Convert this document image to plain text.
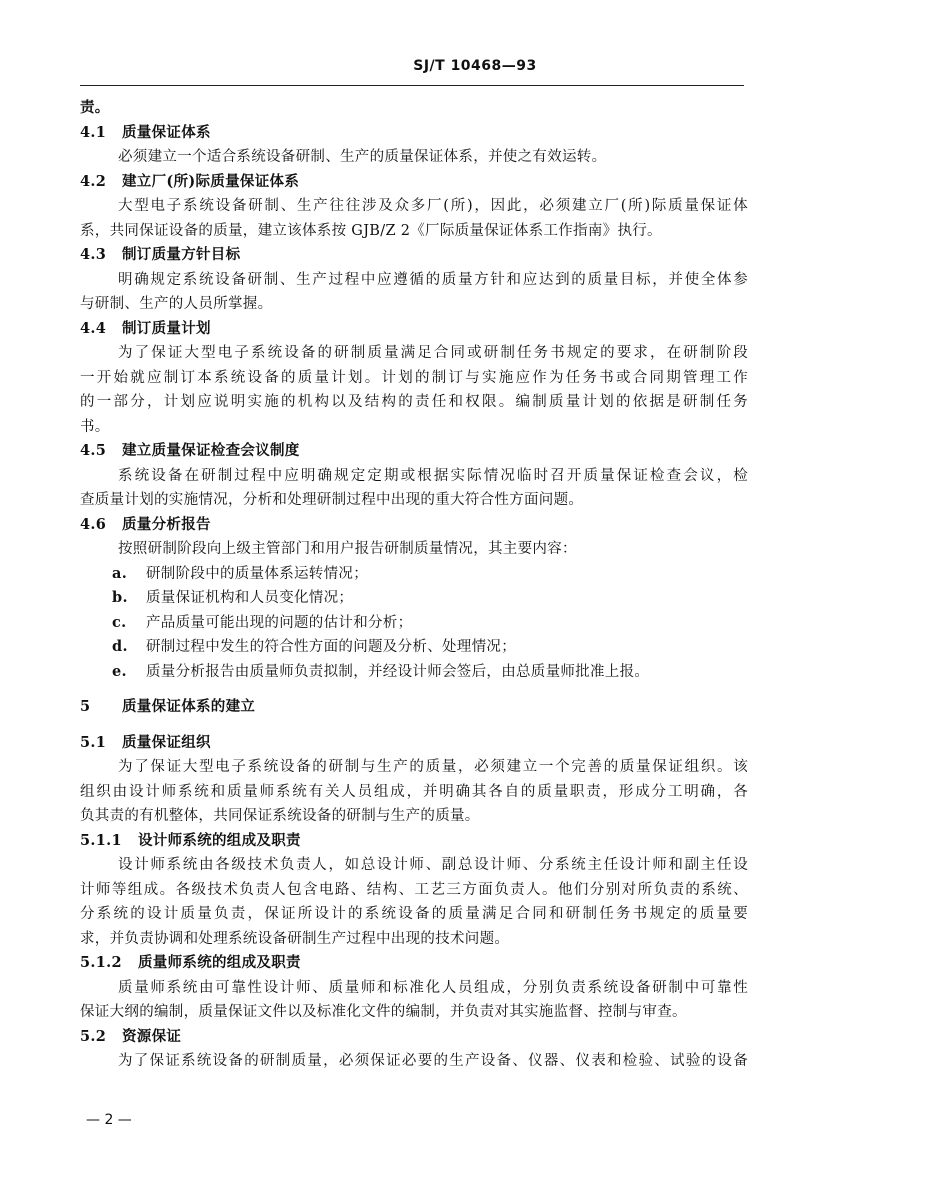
SJ/T 10468—93
责。
4.1 质量保证体系
必须建立一个适合系统设备研制、生产的质量保证体系，并使之有效运转。
4.2 建立厂(所)际质量保证体系
大型电子系统设备研制、生产往往涉及众多厂(所)，因此，必须建立厂(所)际质量保证体
系，共同保证设备的质量，建立该体系按 GJB/Z 2《厂际质量保证体系工作指南》执行。
4.3 制订质量方针目标
明确规定系统设备研制、生产过程中应遵循的质量方针和应达到的质量目标，并使全体参
与研制、生产的人员所掌握。
4.4 制订质量计划
为了保证大型电子系统设备的研制质量满足合同或研制任务书规定的要求，在研制阶段
一开始就应制订本系统设备的质量计划。计划的制订与实施应作为任务书或合同期管理工作
的一部分，计划应说明实施的机构以及结构的责任和权限。编制质量计划的依据是研制任务
书。
4.5 建立质量保证检查会议制度
系统设备在研制过程中应明确规定定期或根据实际情况临时召开质量保证检查会议，检
查质量计划的实施情况，分析和处理研制过程中出现的重大符合性方面问题。
4.6 质量分析报告
按照研制阶段向上级主管部门和用户报告研制质量情况，其主要内容：
a. 研制阶段中的质量体系运转情况；
b. 质量保证机构和人员变化情况；
c. 产品质量可能出现的问题的估计和分析；
d. 研制过程中发生的符合性方面的问题及分析、处理情况；
e. 质量分析报告由质量师负责拟制，并经设计师会签后，由总质量师批准上报。
5 质量保证体系的建立
5.1 质量保证组织
为了保证大型电子系统设备的研制与生产的质量，必须建立一个完善的质量保证组织。该
组织由设计师系统和质量师系统有关人员组成，并明确其各自的质量职责，形成分工明确，各
负其责的有机整体，共同保证系统设备的研制与生产的质量。
5.1.1 设计师系统的组成及职责
设计师系统由各级技术负责人，如总设计师、副总设计师、分系统主任设计师和副主任设
计师等组成。各级技术负责人包含电路、结构、工艺三方面负责人。他们分别对所负责的系统、
分系统的设计质量负责，保证所设计的系统设备的质量满足合同和研制任务书规定的质量要
求，并负责协调和处理系统设备研制生产过程中出现的技术问题。
5.1.2 质量师系统的组成及职责
质量师系统由可靠性设计师、质量师和标准化人员组成，分别负责系统设备研制中可靠性
保证大纲的编制，质量保证文件以及标准化文件的编制，并负责对其实施监督、控制与审查。
5.2 资源保证
为了保证系统设备的研制质量，必须保证必要的生产设备、仪器、仪表和检验、试验的设备
— 2 —
